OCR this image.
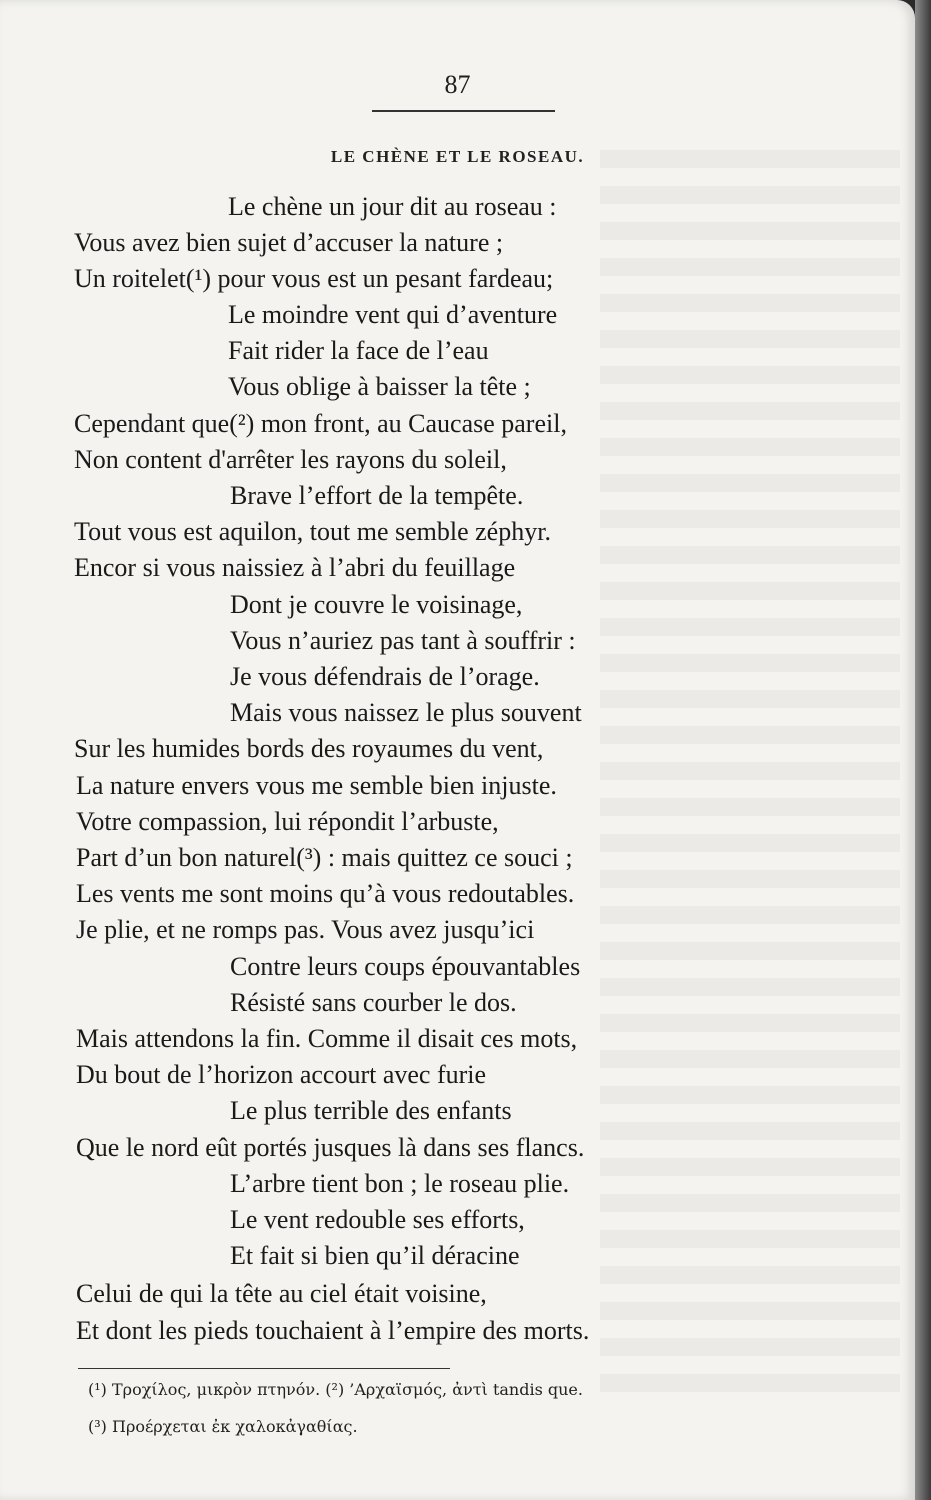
87
LE CHÈNE ET LE ROSEAU.
Le chène un jour dit au roseau :
Vous avez bien sujet d’accuser la nature ;
Un roitelet(¹) pour vous est un pesant fardeau;
Le moindre vent qui d’aventure
Fait rider la face de l’eau
Vous oblige à baisser la tête ;
Cependant que(²) mon front, au Caucase pareil,
Non content d'arrêter les rayons du soleil,
Brave l’effort de la tempête.
Tout vous est aquilon, tout me semble zéphyr.
Encor si vous naissiez à l’abri du feuillage
Dont je couvre le voisinage,
Vous n’auriez pas tant à souffrir :
Je vous défendrais de l’orage.
Mais vous naissez le plus souvent
Sur les humides bords des royaumes du vent,
La nature envers vous me semble bien injuste.
Votre compassion, lui répondit l’arbuste,
Part d’un bon naturel(³) : mais quittez ce souci ;
Les vents me sont moins qu’à vous redoutables.
Je plie, et ne romps pas. Vous avez jusqu’ici
Contre leurs coups épouvantables
Résisté sans courber le dos.
Mais attendons la fin. Comme il disait ces mots,
Du bout de l’horizon accourt avec furie
Le plus terrible des enfants
Que le nord eût portés jusques là dans ses flancs.
L’arbre tient bon ; le roseau plie.
Le vent redouble ses efforts,
Et fait si bien qu’il déracine
Celui de qui la tête au ciel était voisine,
Et dont les pieds touchaient à l’empire des morts.
(¹) Τροχίλος, μικρὸν πτηνόν. (²) ’Αρχαϊσμός, ἀντὶ tandis que.
(³) Προέρχεται ἐκ χαλοκἀγαθίας.
